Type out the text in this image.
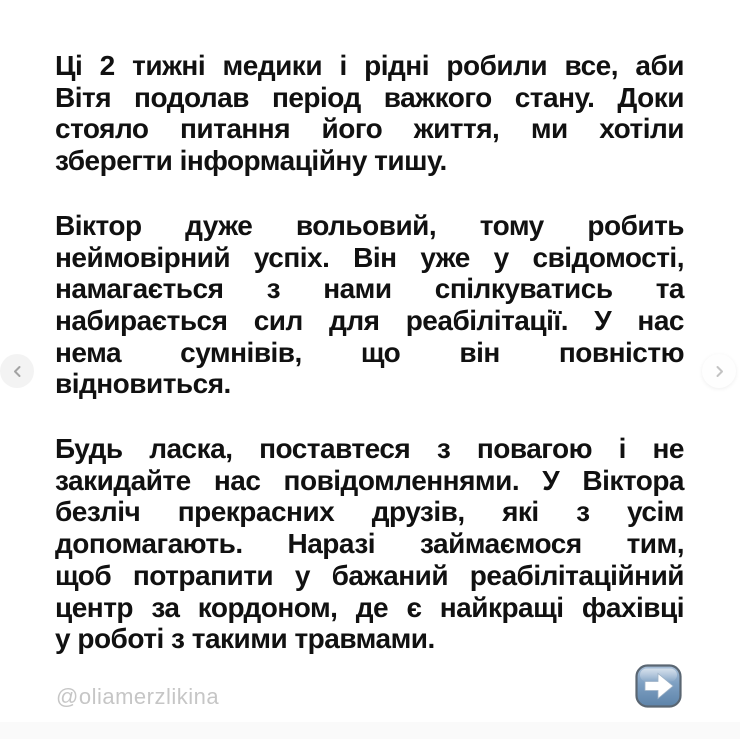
Ці 2 тижні медики і рідні робили все, аби
Вітя подолав період важкого стану. Доки
стояло питання його життя, ми хотіли
зберегти інформаційну тишу.
Віктор дуже вольовий, тому робить
неймовірний успіх. Він уже у свідомості,
намагається з нами спілкуватись та
набирається сил для реабілітації. У нас
нема сумнівів, що він повністю
відновиться.
Будь ласка, поставтеся з повагою і не
закидайте нас повідомленнями. У Віктора
безліч прекрасних друзів, які з усім
допомагають. Наразі займаємося тим,
щоб потрапити у бажаний реабілітаційний
центр за кордоном, де є найкращі фахівці
у роботі з такими травмами.
@oliamerzlikina
